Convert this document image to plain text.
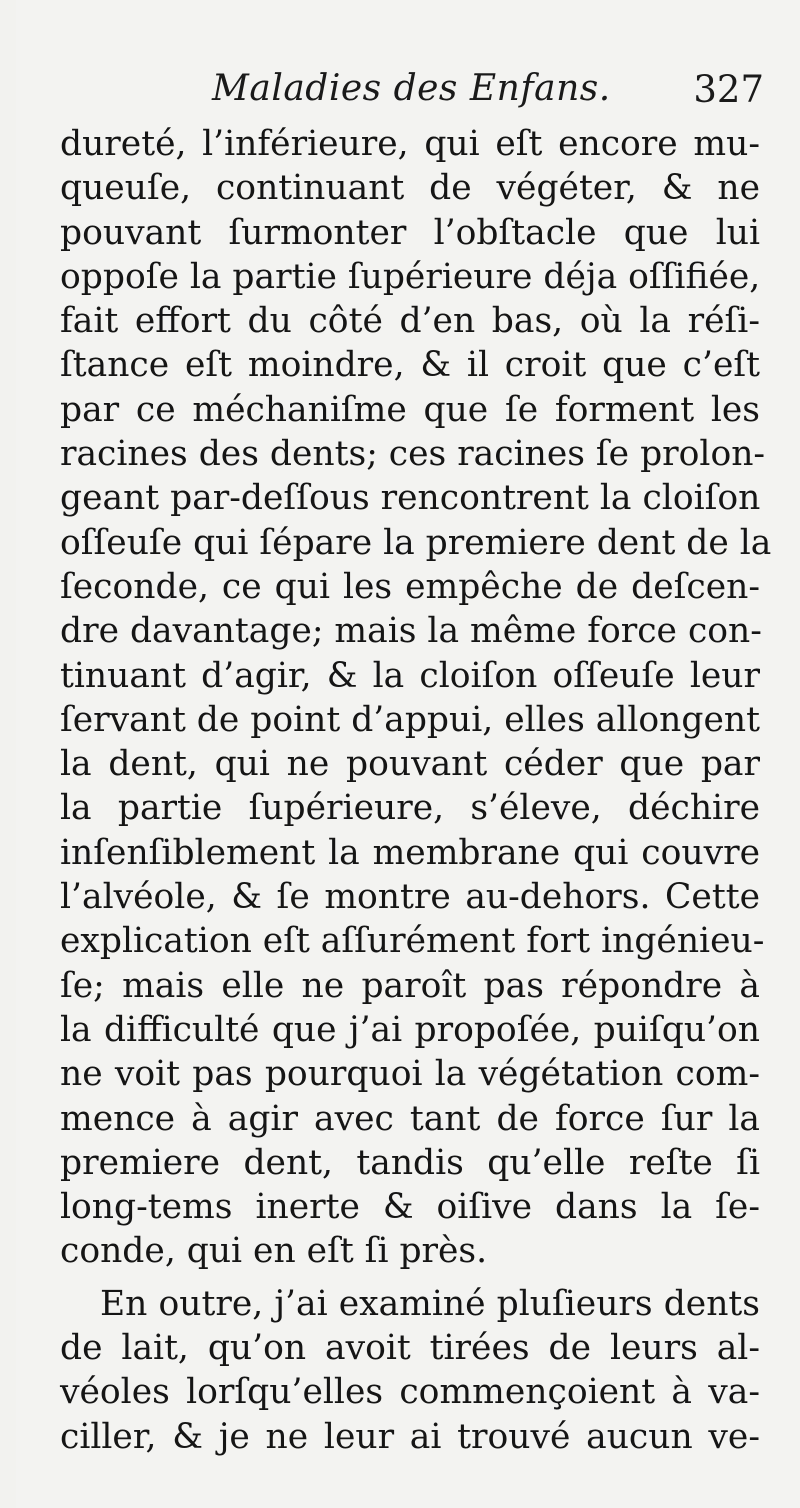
Maladies des Enfans. 327
dureté, l’inférieure, qui eſt encore mu-
queuſe, continuant de végéter, & ne
pouvant ſurmonter l’obſtacle que lui
oppoſe la partie ſupérieure déja oſſifiée,
fait effort du côté d’en bas, où la réſi-
ſtance eſt moindre, & il croit que c’eſt
par ce méchaniſme que ſe forment les
racines des dents; ces racines ſe prolon-
geant par-deſſous rencontrent la cloiſon
oſſeuſe qui ſépare la premiere dent de la
ſeconde, ce qui les empêche de deſcen-
dre davantage; mais la même force con-
tinuant d’agir, & la cloiſon oſſeuſe leur
ſervant de point d’appui, elles allongent
la dent, qui ne pouvant céder que par
la partie ſupérieure, s’éleve, déchire
inſenſiblement la membrane qui couvre
l’alvéole, & ſe montre au-dehors. Cette
explication eſt aſſurément fort ingénieu-
ſe; mais elle ne paroît pas répondre à
la difficulté que j’ai propoſée, puiſqu’on
ne voit pas pourquoi la végétation com-
mence à agir avec tant de force ſur la
premiere dent, tandis qu’elle reſte ſi
long-tems inerte & oiſive dans la ſe-
conde, qui en eſt ſi près.
En outre, j’ai examiné pluſieurs dents
de lait, qu’on avoit tirées de leurs al-
véoles lorſqu’elles commençoient à va-
ciller, & je ne leur ai trouvé aucun ve-
